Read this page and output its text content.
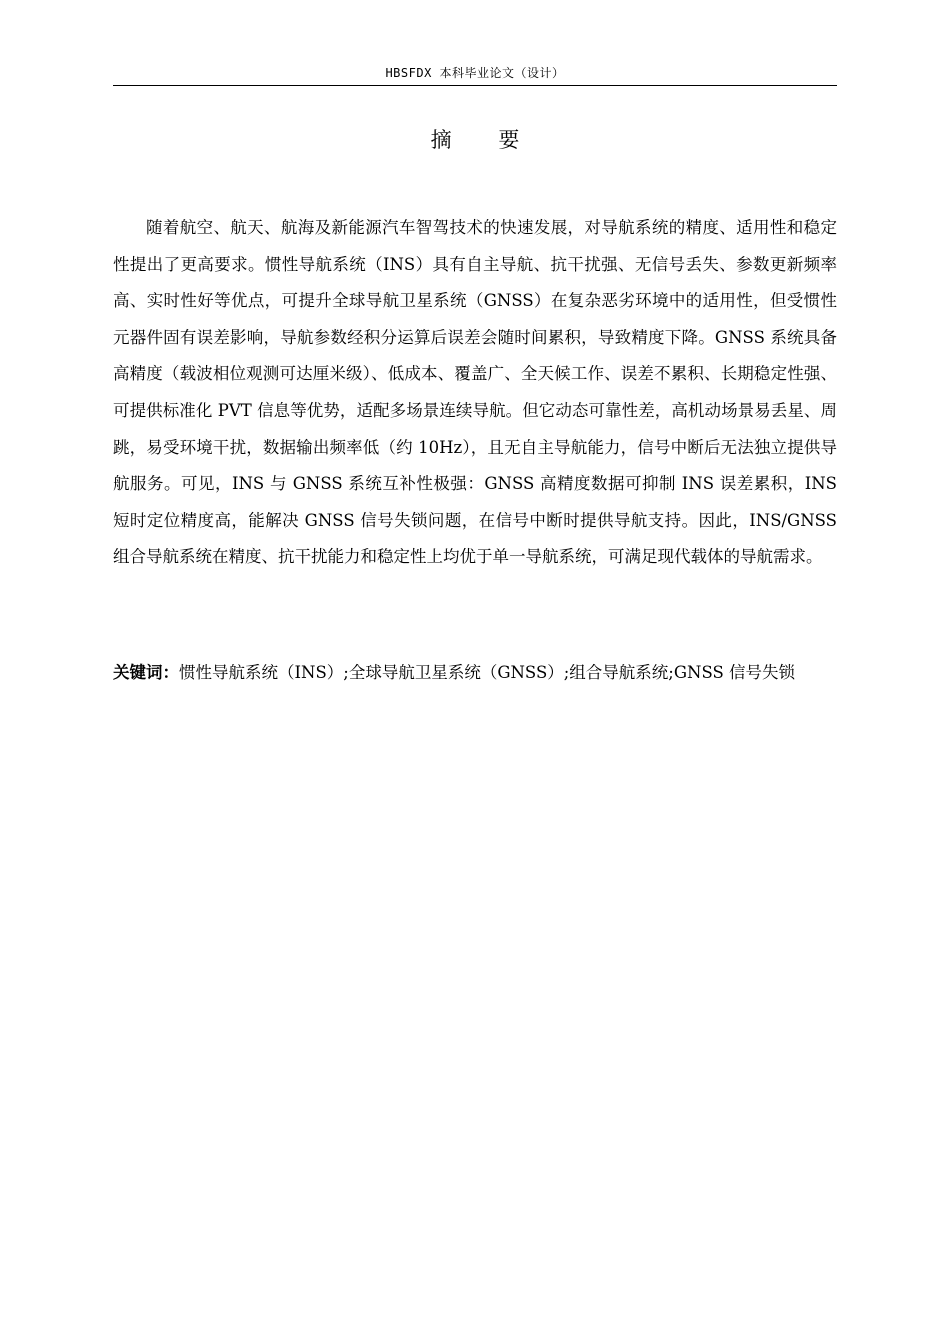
HBSFDX 本科毕业论文（设计）
摘 要

随着航空、航天、航海及新能源汽车智驾技术的快速发展，对导航系统的精度、适用性和稳定性提出了更高要求。惯性导航系统（INS）具有自主导航、抗干扰强、无信号丢失、参数更新频率高、实时性好等优点，可提升全球导航卫星系统（GNSS）在复杂恶劣环境中的适用性，但受惯性元器件固有误差影响，导航参数经积分运算后误差会随时间累积，导致精度下降。GNSS 系统具备高精度（载波相位观测可达厘米级）、低成本、覆盖广、全天候工作、误差不累积、长期稳定性强、可提供标准化 PVT 信息等优势，适配多场景连续导航。但它动态可靠性差，高机动场景易丢星、周跳，易受环境干扰，数据输出频率低（约 10Hz），且无自主导航能力，信号中断后无法独立提供导航服务。可见，INS 与 GNSS 系统互补性极强：GNSS 高精度数据可抑制 INS 误差累积，INS 短时定位精度高，能解决 GNSS 信号失锁问题，在信号中断时提供导航支持。因此，INS/GNSS 组合导航系统在精度、抗干扰能力和稳定性上均优于单一导航系统，可满足现代载体的导航需求。

关键词：惯性导航系统（INS）;全球导航卫星系统（GNSS）;组合导航系统;GNSS 信号失锁
